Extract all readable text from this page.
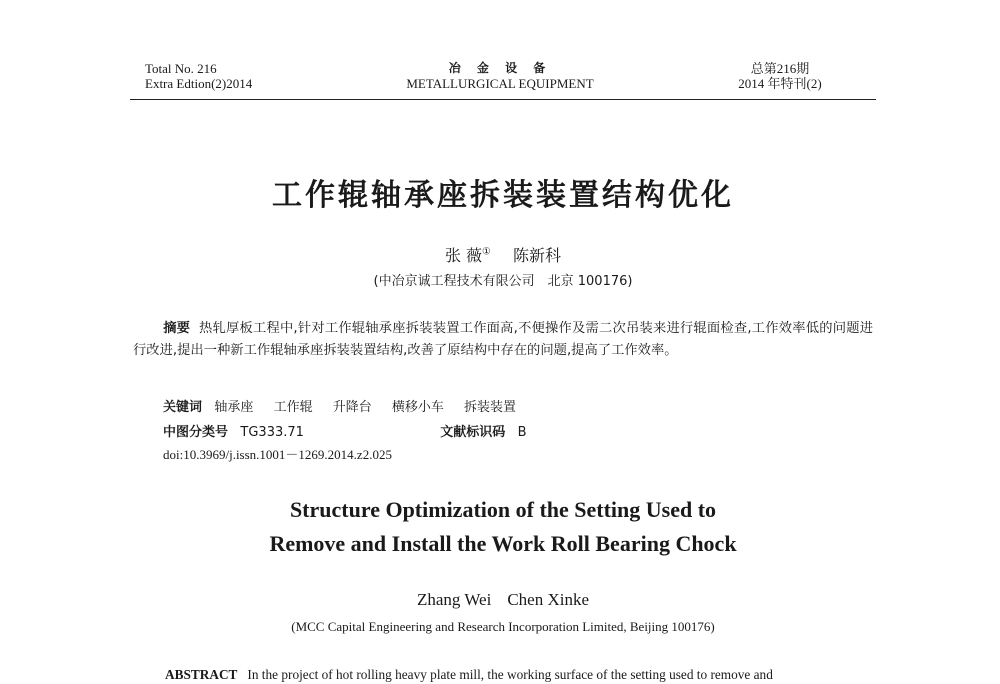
Total No. 216
Extra Edtion(2)2014
冶 金 设 备
METALLURGICAL EQUIPMENT
总第216期
2014 年特刊(2)
工作辊轴承座拆装装置结构优化
张 薇① 陈新科
(中冶京诚工程技术有限公司　北京 100176)
摘要 热轧厚板工程中,针对工作辊轴承座拆装装置工作面高,不便操作及需二次吊装来进行辊面检查,工作效率低的问题进行改进,提出一种新工作辊轴承座拆装装置结构,改善了原结构中存在的问题,提高了工作效率。
关键词 轴承座 工作辊 升降台 横移小车 拆装装置
中图分类号 TG333.71	文献标识码 B
doi:10.3969/j.issn.1001－1269.2014.z2.025
Structure Optimization of the Setting Used to
Remove and Install the Work Roll Bearing Chock
Zhang Wei Chen Xinke
(MCC Capital Engineering and Research Incorporation Limited, Beijing 100176)
ABSTRACT In the project of hot rolling heavy plate mill, the working surface of the setting used to remove and
